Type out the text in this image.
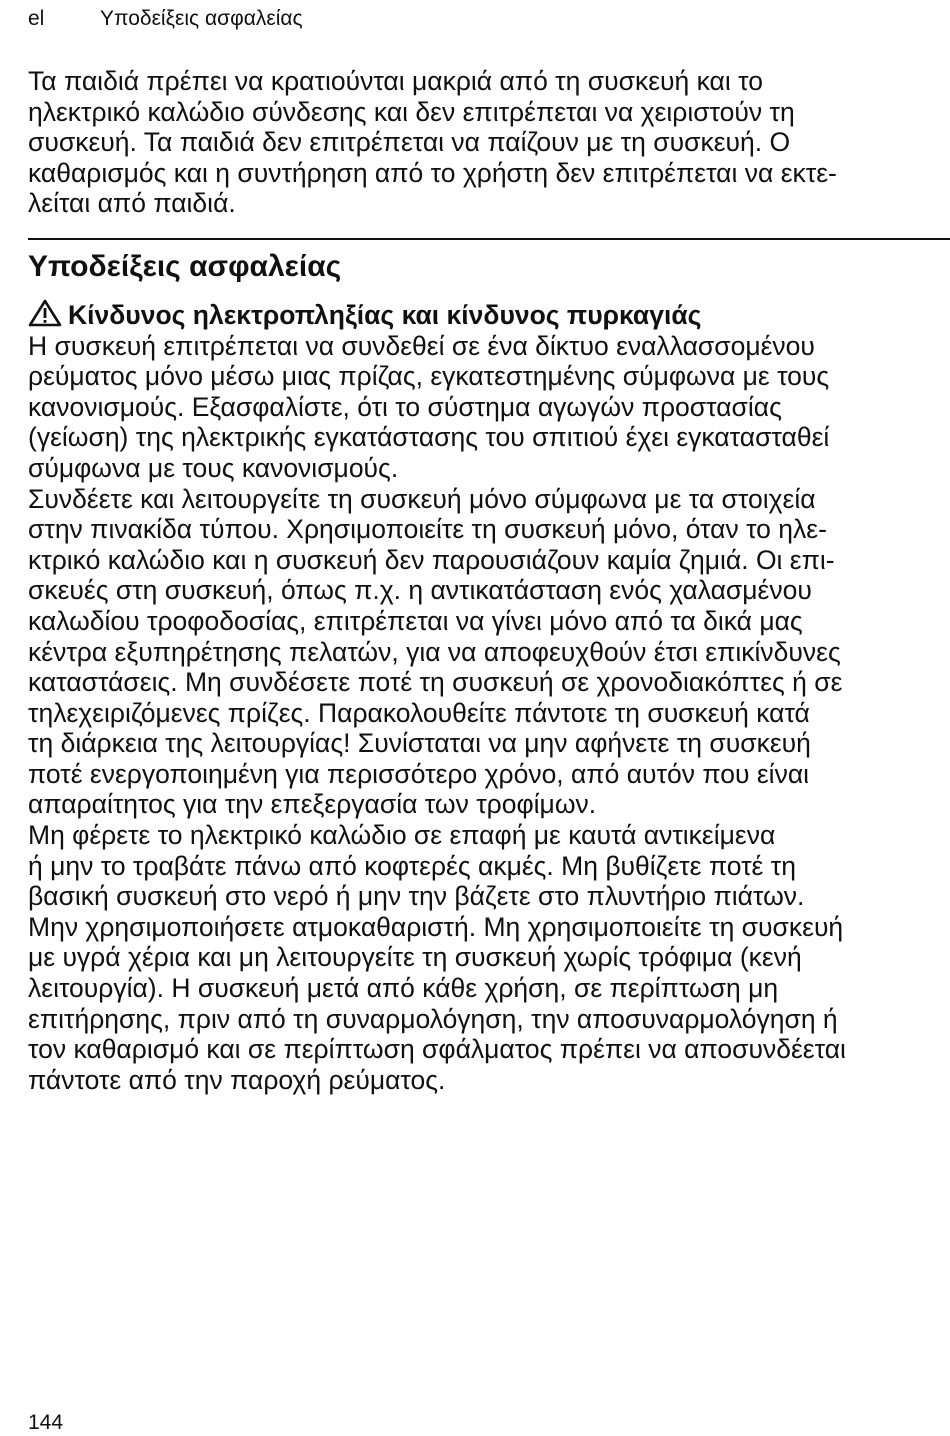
el	Υποδείξεις ασφαλείας
Τα παιδιά πρέπει να κρατιούνται μακριά από τη συσκευή και το
ηλεκτρικό καλώδιο σύνδεσης και δεν επιτρέπεται να χειριστούν τη
συσκευή. Τα παιδιά δεν επιτρέπεται να παίζουν με τη συσκευή. Ο
καθαρισμός και η συντήρηση από το χρήστη δεν επιτρέπεται να εκτε-
λείται από παιδιά.
Υποδείξεις ασφαλείας
Κίνδυνος ηλεκτροπληξίας και κίνδυνος πυρκαγιάς
Η συσκευή επιτρέπεται να συνδεθεί σε ένα δίκτυο εναλλασσομένου
ρεύματος μόνο μέσω μιας πρίζας, εγκατεστημένης σύμφωνα με τους
κανονισμούς. Εξασφαλίστε, ότι το σύστημα αγωγών προστασίας
(γείωση) της ηλεκτρικής εγκατάστασης του σπιτιού έχει εγκατασταθεί
σύμφωνα με τους κανονισμούς.
Συνδέετε και λειτουργείτε τη συσκευή μόνο σύμφωνα με τα στοιχεία
στην πινακίδα τύπου. Χρησιμοποιείτε τη συσκευή μόνο, όταν το ηλε-
κτρικό καλώδιο και η συσκευή δεν παρουσιάζουν καμία ζημιά. Οι επι-
σκευές στη συσκευή, όπως π.χ. η αντικατάσταση ενός χαλασμένου
καλωδίου τροφοδοσίας, επιτρέπεται να γίνει μόνο από τα δικά μας
κέντρα εξυπηρέτησης πελατών, για να αποφευχθούν έτσι επικίνδυνες
καταστάσεις. Μη συνδέσετε ποτέ τη συσκευή σε χρονοδιακόπτες ή σε
τηλεχειριζόμενες πρίζες. Παρακολουθείτε πάντοτε τη συσκευή κατά
τη διάρκεια της λειτουργίας! Συνίσταται να μην αφήνετε τη συσκευή
ποτέ ενεργοποιημένη για περισσότερο χρόνο, από αυτόν που είναι
απαραίτητος για την επεξεργασία των τροφίμων.
Μη φέρετε το ηλεκτρικό καλώδιο σε επαφή με καυτά αντικείμενα
ή μην το τραβάτε πάνω από κοφτερές ακμές. Μη βυθίζετε ποτέ τη
βασική συσκευή στο νερό ή μην την βάζετε στο πλυντήριο πιάτων.
Μην χρησιμοποιήσετε ατμοκαθαριστή. Μη χρησιμοποιείτε τη συσκευή
με υγρά χέρια και μη λειτουργείτε τη συσκευή χωρίς τρόφιμα (κενή
λειτουργία). Η συσκευή μετά από κάθε χρήση, σε περίπτωση μη
επιτήρησης, πριν από τη συναρμολόγηση, την αποσυναρμολόγηση ή
τον καθαρισμό και σε περίπτωση σφάλματος πρέπει να αποσυνδέεται
πάντοτε από την παροχή ρεύματος.
144
